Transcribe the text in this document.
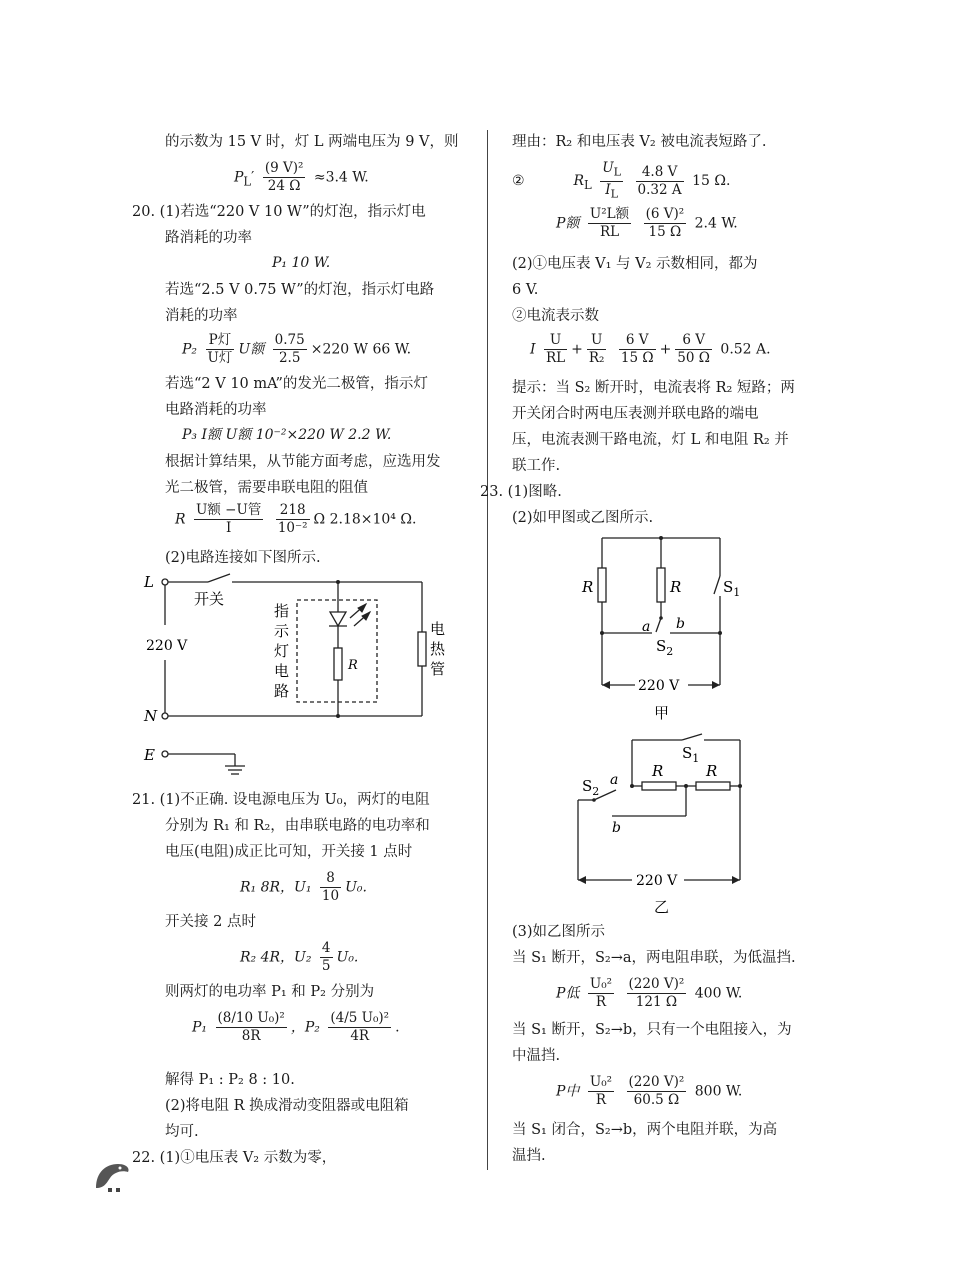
的示数为 15 V 时，灯 L 两端电压为 9 V，则
$P_L' \frac{\text{(9 V)²}}{24 \Omega} \approx 3.4$ W.
20. (1)若选“220 V 10 W”的灯泡，指示灯电
路消耗的功率
P₁ 10 W.
若选“2.5 V 0.75 W”的灯泡，指示灯电路
消耗的功率
$P_2 \frac{\text{P灯}}{\text{U灯}}$ U额 $\frac{0.75}{2.5} \times 220$ W 66 W.
若选“2 V 10 mA”的发光二极管，指示灯
电路消耗的功率
P₃ I额 U额 10⁻²×220 W 2.2 W.
根据计算结果，从节能方面考虑，应选用发
光二极管，需要串联电阻的阻值
R $\frac{\text{U额 −U管}}{I}$
$\frac{218}{\text{10⁻²}}$ Ω 2.18×10⁴ Ω.
(2)电路连接如下图所示.
L
开关
220 V
N
E
R
指
示
灯
电
路
电
热
管
21. (1)不正确. 设电源电压为 U₀，两灯的电阻
分别为 R₁ 和 R₂，由串联电路的电功率和
电压(电阻)成正比可知，开关接 1 点时
R₁ 8R，$U_1 \frac{8}{10} U_0$.
开关接 2 点时
R₂ 4R，$U_2 \frac{4}{5} U_0$.
则两灯的电功率 P₁ 和 P₂ 分别为
$P_1 \frac{\text{(8/10 U₀)²}}{8R}$ ，$P_2 \frac{\text{(4/5 U₀)²}}{4R}$ .
解得 P₁ : P₂ 8 : 10.
(2)将电阻 R 换成滑动变阻器或电阻箱
均可.
22. (1)①电压表 V₂ 示数为零，
理由：R₂ 和电压表 V₂ 被电流表短路了.
②	$R_L \frac{U_L}{I_L}$
$\frac{4.8 V}{0.32 A} 15$ Ω.
P额 $\frac{\text{U²L额}}{RL}$
$\frac{\text{(6 V)²}}{15 \Omega} 2.4$ W.
(2)①电压表 V₁ 与 V₂ 示数相同，都为
6 V.
②电流表示数
I $\frac{U}{RL} + \frac{U}{\text{R₂}}$
$\frac{6 V}{15 \Omega} + \frac{6 V}{50 \Omega} 0.52$ A.
提示：当 S₂ 断开时，电流表将 R₂ 短路；两
开关闭合时两电压表测并联电路的端电
压，电流表测干路电流，灯 L 和电阻 R₂ 并
联工作.
23. (1)图略.
(2)如甲图或乙图所示.
R	R	$S_1$
a b
$S_2$
220 V
甲
$S_1$
$S_2$
a
b
R	R
220 V
乙
(3)如乙图所示
当 S₁ 断开，S₂→a，两电阻串联，为低温挡.
P低 $\frac{\text{U₀²}}{R}$
$\frac{\text{(220 V)²}}{121 \Omega} 400$ W.
当 S₁ 断开，S₂→b，只有一个电阻接入，为
中温挡.
P中 $\frac{\text{U₀²}}{R}$
$\frac{\text{(220 V)²}}{60.5 \Omega} 800$ W.
当 S₁ 闭合，S₂→b，两个电阻并联，为高
温挡.
